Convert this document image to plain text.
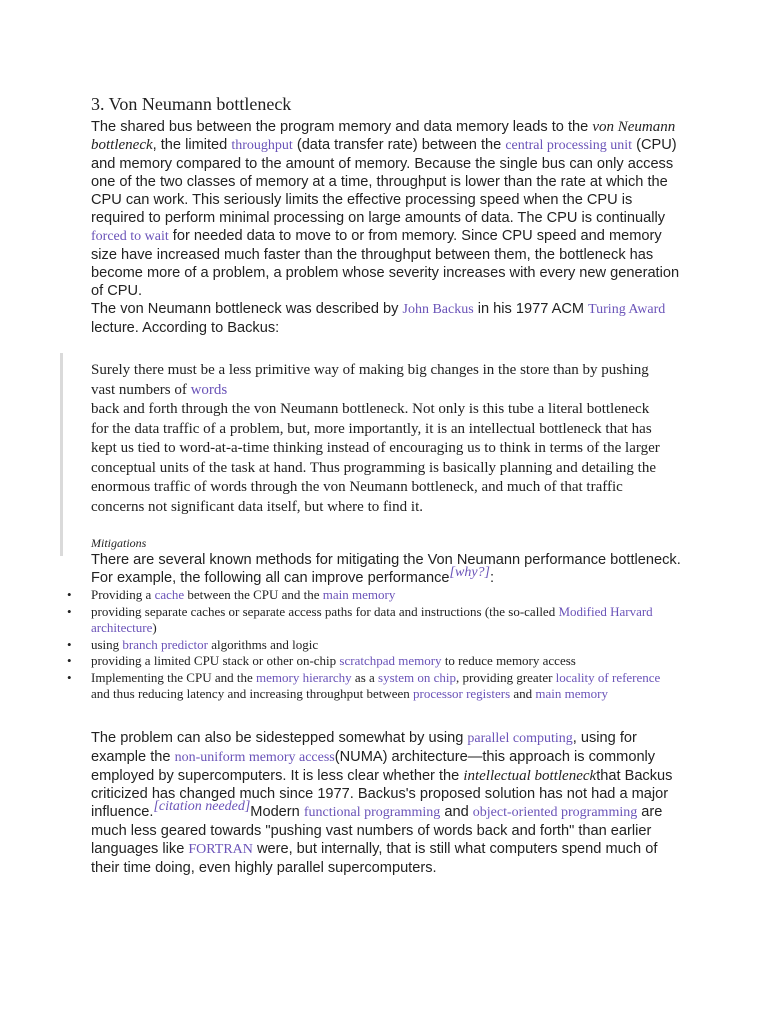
3. Von Neumann bottleneck

The shared bus between the program memory and data memory leads to the von Neumann bottleneck, the limited throughput (data transfer rate) between the central processing unit (CPU) and memory compared to the amount of memory. Because the single bus can only access one of the two classes of memory at a time, throughput is lower than the rate at which the CPU can work. This seriously limits the effective processing speed when the CPU is required to perform minimal processing on large amounts of data. The CPU is continually forced to wait for needed data to move to or from memory. Since CPU speed and memory size have increased much faster than the throughput between them, the bottleneck has become more of a problem, a problem whose severity increases with every new generation of CPU.

The von Neumann bottleneck was described by John Backus in his 1977 ACM Turing Award lecture. According to Backus:

Surely there must be a less primitive way of making big changes in the store than by pushing vast numbers of words
back and forth through the von Neumann bottleneck. Not only is this tube a literal bottleneck for the data traffic of a problem, but, more importantly, it is an intellectual bottleneck that has kept us tied to word-at-a-time thinking instead of encouraging us to think in terms of the larger conceptual units of the task at hand. Thus programming is basically planning and detailing the enormous traffic of words through the von Neumann bottleneck, and much of that traffic concerns not significant data itself, but where to find it.
Mitigations

There are several known methods for mitigating the Von Neumann performance bottleneck. For example, the following all can improve performance[why?]:

• Providing a cache between the CPU and the main memory
• providing separate caches or separate access paths for data and instructions (the so-called Modified Harvard architecture)
• using branch predictor algorithms and logic
• providing a limited CPU stack or other on-chip scratchpad memory to reduce memory access
• Implementing the CPU and the memory hierarchy as a system on chip, providing greater locality of reference and thus reducing latency and increasing throughput between processor registers and main memory

The problem can also be sidestepped somewhat by using parallel computing, using for example the non-uniform memory access(NUMA) architecture—this approach is commonly employed by supercomputers. It is less clear whether the intellectual bottleneckthat Backus criticized has changed much since 1977. Backus's proposed solution has not had a major influence.[citation needed]Modern functional programming and object-oriented programming are much less geared towards "pushing vast numbers of words back and forth" than earlier languages like FORTRAN were, but internally, that is still what computers spend much of their time doing, even highly parallel supercomputers.
